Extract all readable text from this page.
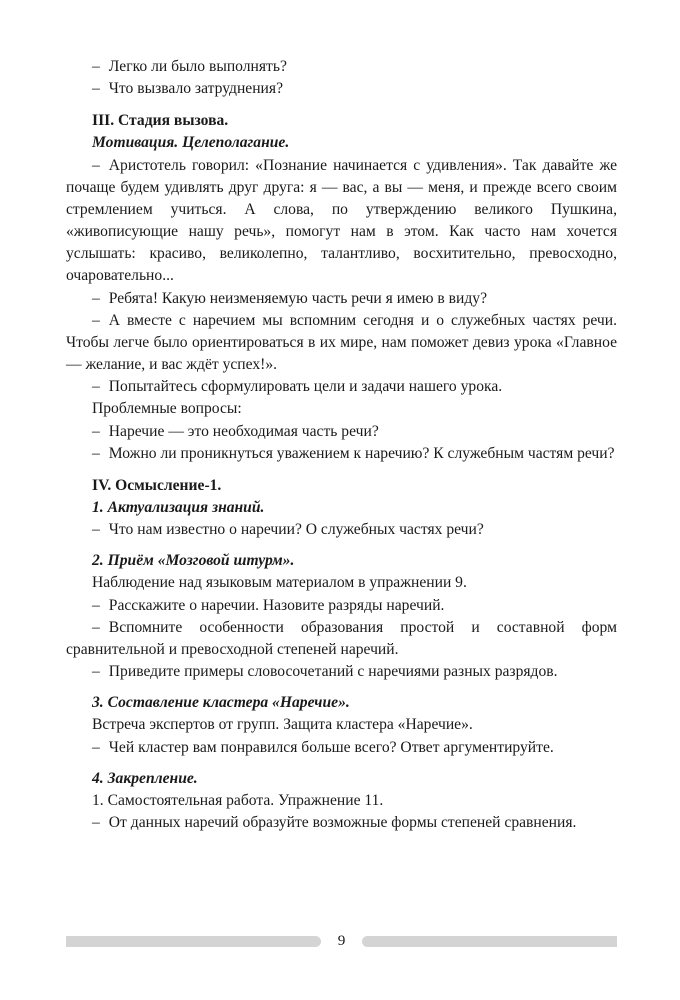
– Легко ли было выполнять?

– Что вызвало затруднения?

III. Стадия вызова.

Мотивация. Целеполагание.

– Аристотель говорил: «Познание начинается с удивления». Так давайте же почаще будем удивлять друг друга: я — вас, а вы — меня, и прежде всего своим стремлением учиться. А слова, по утверждению великого Пушкина, «живописующие нашу речь», помогут нам в этом. Как часто нам хочется услышать: красиво, великолепно, талантливо, восхитительно, превосходно, очаровательно...

– Ребята! Какую неизменяемую часть речи я имею в виду?

– А вместе с наречием мы вспомним сегодня и о служебных частях речи. Чтобы легче было ориентироваться в их мире, нам поможет девиз урока «Главное — желание, и вас ждёт успех!».

– Попытайтесь сформулировать цели и задачи нашего урока.

Проблемные вопросы:

– Наречие — это необходимая часть речи?

– Можно ли проникнуться уважением к наречию? К служебным частям речи?

IV. Осмысление-1.

1. Актуализация знаний.

– Что нам известно о наречии? О служебных частях речи?

2. Приём «Мозговой штурм».

Наблюдение над языковым материалом в упражнении 9.

– Расскажите о наречии. Назовите разряды наречий.

– Вспомните особенности образования простой и составной форм сравнительной и превосходной степеней наречий.

– Приведите примеры словосочетаний с наречиями разных разрядов.

3. Составление кластера «Наречие».

Встреча экспертов от групп. Защита кластера «Наречие».

– Чей кластер вам понравился больше всего? Ответ аргументируйте.

4. Закрепление.

1. Самостоятельная работа. Упражнение 11.

– От данных наречий образуйте возможные формы степеней сравнения.

9
